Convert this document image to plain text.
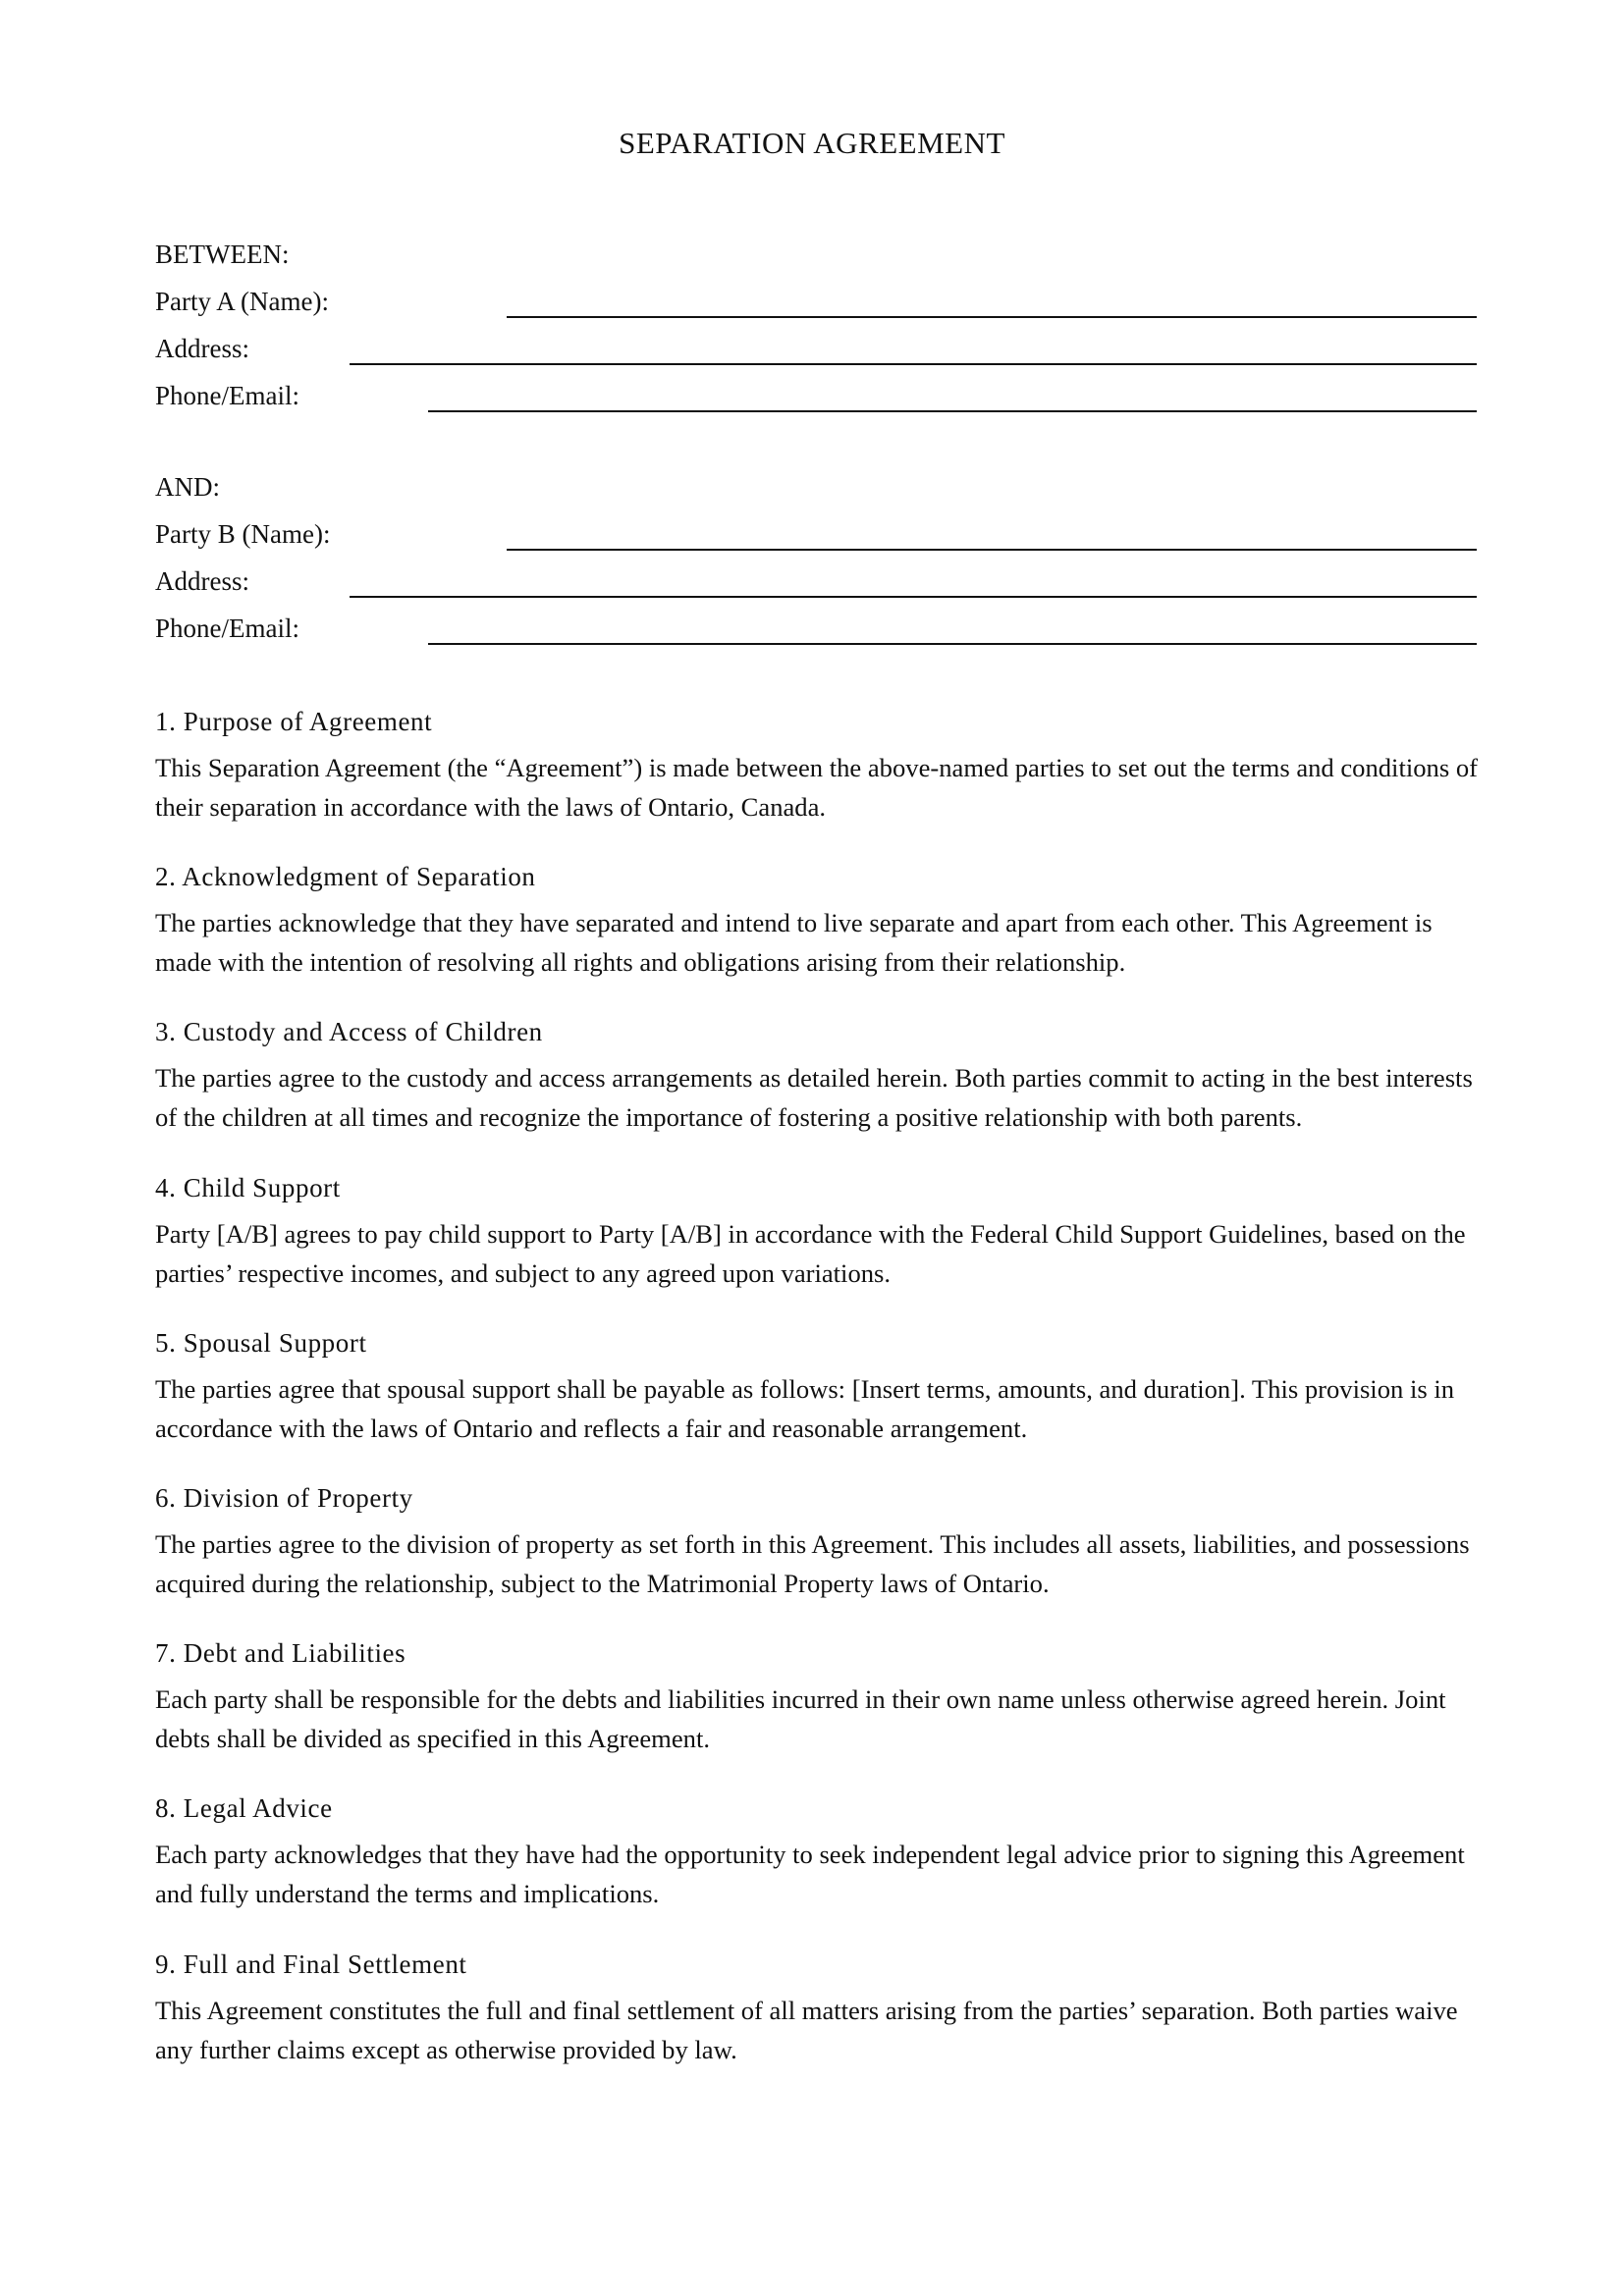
SEPARATION AGREEMENT
BETWEEN:
Party A (Name):
Address:
Phone/Email:
AND:
Party B (Name):
Address:
Phone/Email:
1. Purpose of Agreement

This Separation Agreement (the “Agreement”) is made between the above-named parties to set out the terms and conditions of their separation in accordance with the laws of Ontario, Canada.

2. Acknowledgment of Separation

The parties acknowledge that they have separated and intend to live separate and apart from each other. This Agreement is made with the intention of resolving all rights and obligations arising from their relationship.

3. Custody and Access of Children

The parties agree to the custody and access arrangements as detailed herein. Both parties commit to acting in the best interests of the children at all times and recognize the importance of fostering a positive relationship with both parents.

4. Child Support

Party [A/B] agrees to pay child support to Party [A/B] in accordance with the Federal Child Support Guidelines, based on the parties’ respective incomes, and subject to any agreed upon variations.

5. Spousal Support

The parties agree that spousal support shall be payable as follows: [Insert terms, amounts, and duration]. This provision is in accordance with the laws of Ontario and reflects a fair and reasonable arrangement.

6. Division of Property

The parties agree to the division of property as set forth in this Agreement. This includes all assets, liabilities, and possessions acquired during the relationship, subject to the Matrimonial Property laws of Ontario.

7. Debt and Liabilities

Each party shall be responsible for the debts and liabilities incurred in their own name unless otherwise agreed herein. Joint debts shall be divided as specified in this Agreement.

8. Legal Advice

Each party acknowledges that they have had the opportunity to seek independent legal advice prior to signing this Agreement and fully understand the terms and implications.

9. Full and Final Settlement

This Agreement constitutes the full and final settlement of all matters arising from the parties’ separation. Both parties waive any further claims except as otherwise provided by law.
